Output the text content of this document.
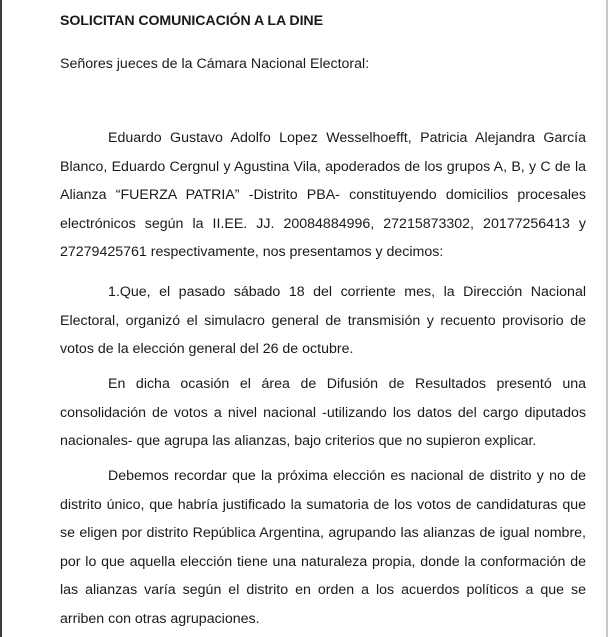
SOLICITAN COMUNICACIÓN A LA DINE
Señores jueces de la Cámara Nacional Electoral:

Eduardo Gustavo Adolfo Lopez Wesselhoefft, Patricia Alejandra García Blanco, Eduardo Cergnul y Agustina Vila, apoderados de los grupos A, B, y C de la Alianza “FUERZA PATRIA” -Distrito PBA- constituyendo domicilios procesales electrónicos según la II.EE. JJ. 20084884996, 27215873302, 20177256413 y 27279425761 respectivamente, nos presentamos y decimos:

1.Que, el pasado sábado 18 del corriente mes, la Dirección Nacional Electoral, organizó el simulacro general de transmisión y recuento provisorio de votos de la elección general del 26 de octubre.

En dicha ocasión el área de Difusión de Resultados presentó una consolidación de votos a nivel nacional -utilizando los datos del cargo diputados nacionales- que agrupa las alianzas, bajo criterios que no supieron explicar.

Debemos recordar que la próxima elección es nacional de distrito y no de distrito único, que habría justificado la sumatoria de los votos de candidaturas que se eligen por distrito República Argentina, agrupando las alianzas de igual nombre, por lo que aquella elección tiene una naturaleza propia, donde la conformación de las alianzas varía según el distrito en orden a los acuerdos políticos a que se arriben con otras agrupaciones.
